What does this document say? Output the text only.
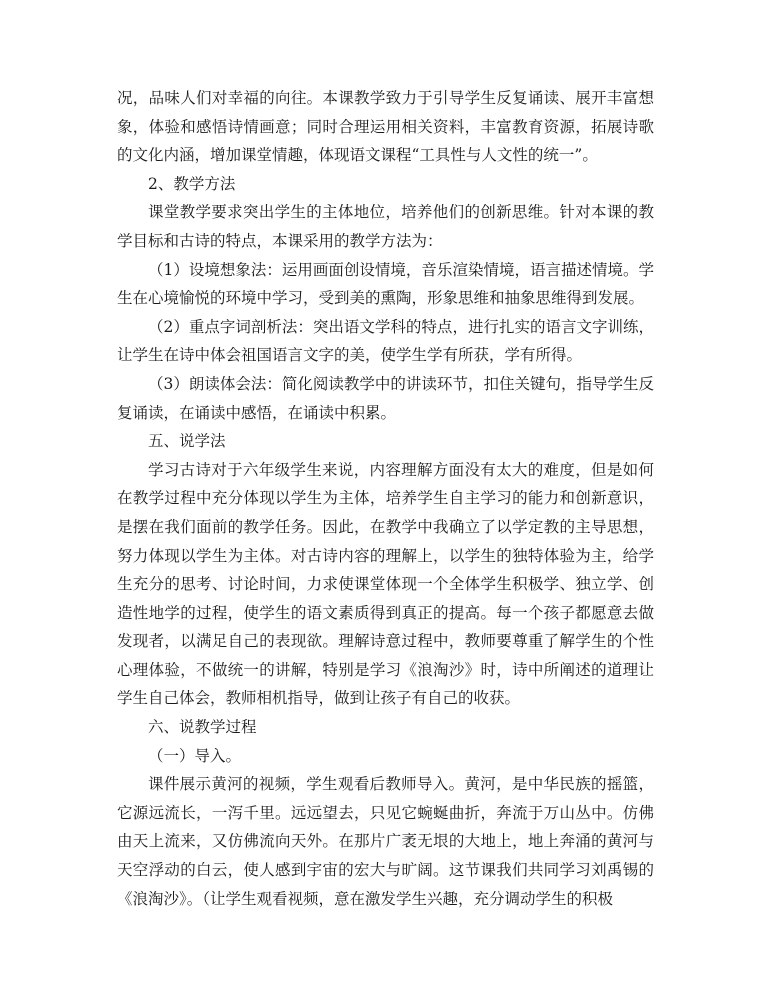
况，品味人们对幸福的向往。本课教学致力于引导学生反复诵读、展开丰富想象，体验和感悟诗情画意；同时合理运用相关资料，丰富教育资源，拓展诗歌的文化内涵，增加课堂情趣，体现语文课程“工具性与人文性的统一”。

2、教学方法

课堂教学要求突出学生的主体地位，培养他们的创新思维。针对本课的教学目标和古诗的特点，本课采用的教学方法为：

（1）设境想象法：运用画面创设情境，音乐渲染情境，语言描述情境。学生在心境愉悦的环境中学习，受到美的熏陶，形象思维和抽象思维得到发展。

（2）重点字词剖析法：突出语文学科的特点，进行扎实的语言文字训练，让学生在诗中体会祖国语言文字的美，使学生学有所获，学有所得。

（3）朗读体会法：简化阅读教学中的讲读环节，扣住关键句，指导学生反复诵读，在诵读中感悟，在诵读中积累。

五、说学法

学习古诗对于六年级学生来说，内容理解方面没有太大的难度，但是如何在教学过程中充分体现以学生为主体，培养学生自主学习的能力和创新意识，是摆在我们面前的教学任务。因此，在教学中我确立了以学定教的主导思想，努力体现以学生为主体。对古诗内容的理解上，以学生的独特体验为主，给学生充分的思考、讨论时间，力求使课堂体现一个全体学生积极学、独立学、创造性地学的过程，使学生的语文素质得到真正的提高。每一个孩子都愿意去做发现者，以满足自己的表现欲。理解诗意过程中，教师要尊重了解学生的个性心理体验，不做统一的讲解，特别是学习《浪淘沙》时，诗中所阐述的道理让学生自己体会，教师相机指导，做到让孩子有自己的收获。

六、说教学过程

（一）导入。

课件展示黄河的视频，学生观看后教师导入。黄河，是中华民族的摇篮，它源远流长，一泻千里。远远望去，只见它蜿蜒曲折，奔流于万山丛中。仿佛由天上流来，又仿佛流向天外。在那片广袤无垠的大地上，地上奔涌的黄河与天空浮动的白云，使人感到宇宙的宏大与旷阔。这节课我们共同学习刘禹锡的《浪淘沙》。（让学生观看视频，意在激发学生兴趣，充分调动学生的积极
